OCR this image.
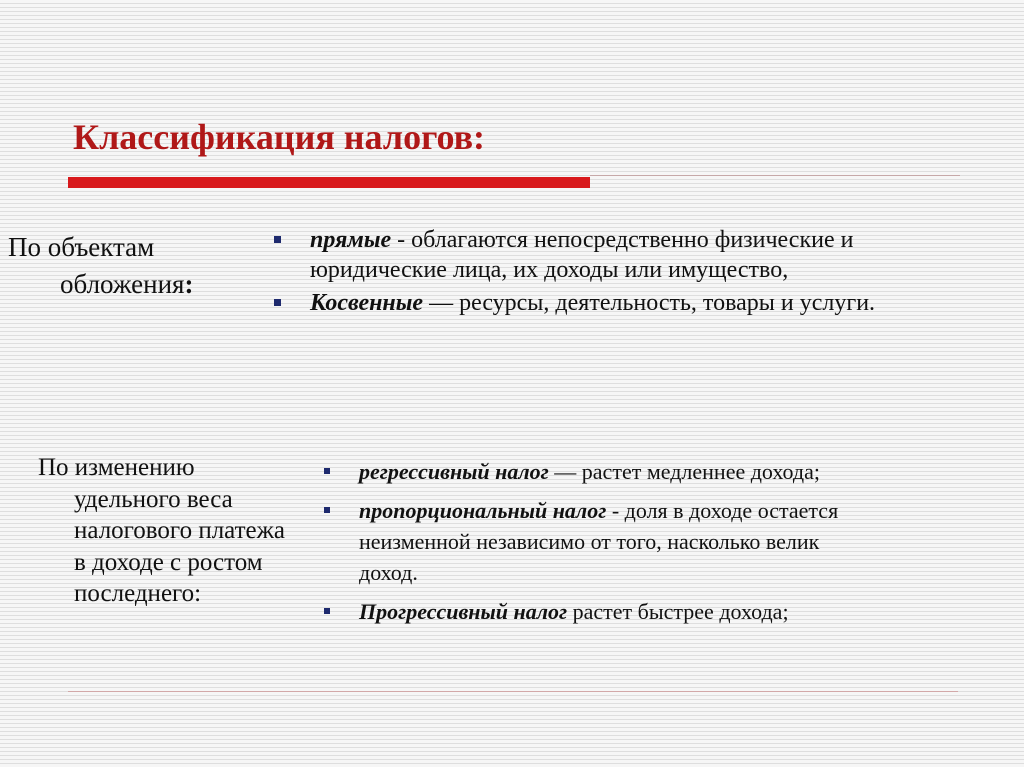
Классификация налогов:
По объектам
обложения:
прямые - облагаются непосредственно физические и юридические лица, их доходы или имущество,
Косвенные — ресурсы, деятельность, товары и услуги.
По изменению
удельного веса налогового платежа в доходе с ростом последнего:
регрессивный налог — растет медленнее дохода;
пропорциональный налог - доля в доходе остается неизменной независимо от того, насколько велик доход.
Прогрессивный налог растет быстрее дохода;
